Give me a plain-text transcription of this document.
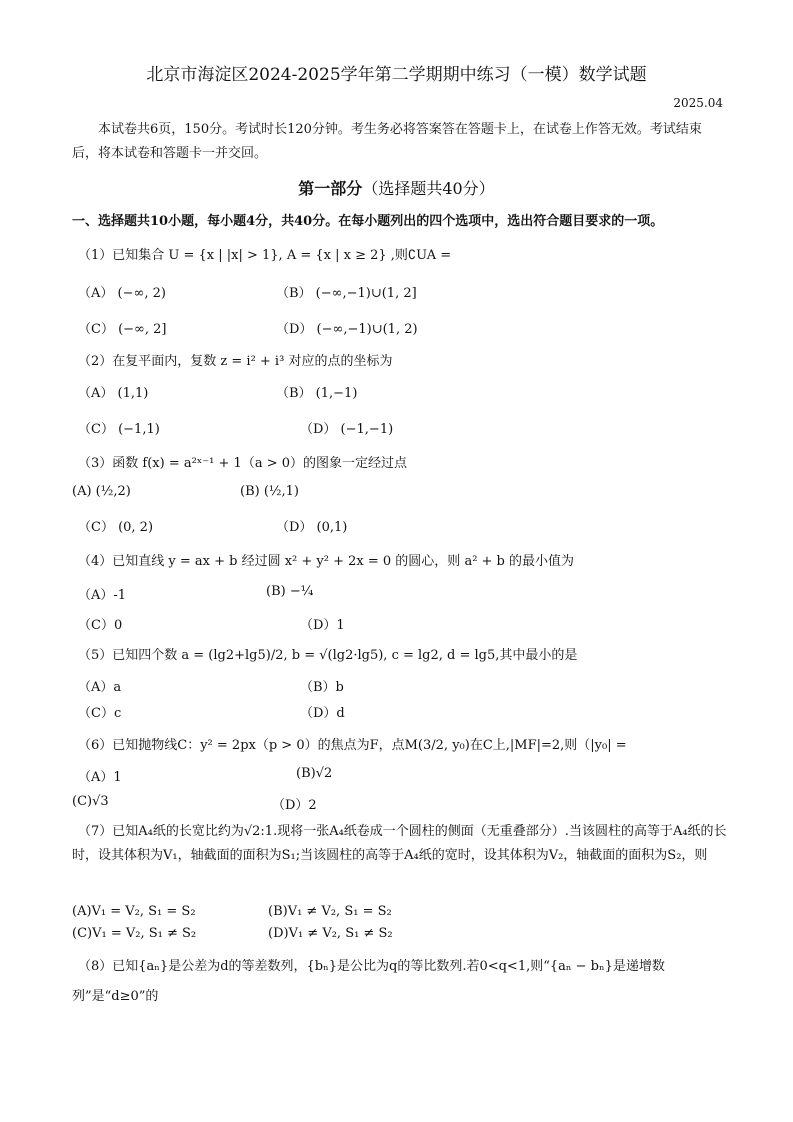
北京市海淀区2024-2025学年第二学期期中练习（一模）数学试题
2025.04
本试卷共6页，150分。考试时长120分钟。考生务必将答案答在答题卡上，在试卷上作答无效。考试结束后，将本试卷和答题卡一并交回。
第一部分（选择题共40分）
一、选择题共10小题，每小题4分，共40分。在每小题列出的四个选项中，选出符合题目要求的一项。
（1）已知集合 U = {x | |x| > 1}, A = {x | x ≥ 2} ,则∁UA =
（A） (−∞, 2)	（B） (−∞,−1)∪(1, 2]
（C） (−∞, 2]	（D） (−∞,−1)∪(1, 2)
（2）在复平面内，复数 z = i² + i³ 对应的点的坐标为
（A） (1,1)	（B） (1,−1)
（C） (−1,1)	（D） (−1,−1)
（3）函数 f(x) = a²ˣ⁻¹ + 1（a > 0）的图象一定经过点
(A) (½,2)	(B) (½,1)
（C） (0, 2)	（D） (0,1)
（4）已知直线 y = ax + b 经过圆 x² + y² + 2x = 0 的圆心，则 a² + b 的最小值为
（A）-1	(B) −¼
（C）0	（D）1
（5）已知四个数 a = (lg2+lg5)/2, b = √(lg2·lg5), c = lg2, d = lg5,其中最小的是
（A）a	（B）b
（C）c	（D）d
（6）已知抛物线C：y² = 2px（p > 0）的焦点为F，点M(3/2, y₀)在C上,|MF|=2,则（|y₀| =
（A）1	(B)√2
(C)√3	（D）2
（7）已知A₄纸的长宽比约为√2:1.现将一张A₄纸卷成一个圆柱的侧面（无重叠部分）.当该圆柱的高等于A₄纸的长时，设其体积为V₁，轴截面的面积为S₁;当该圆柱的高等于A₄纸的宽时，设其体积为V₂，轴截面的面积为S₂，则
(A)V₁ = V₂, S₁ = S₂	(B)V₁ ≠ V₂, S₁ = S₂
(C)V₁ = V₂, S₁ ≠ S₂	(D)V₁ ≠ V₂, S₁ ≠ S₂
（8）已知{aₙ}是公差为d的等差数列，{bₙ}是公比为q的等比数列.若0<q<1,则“{aₙ − bₙ}是递增数列”是“d≥0”的
